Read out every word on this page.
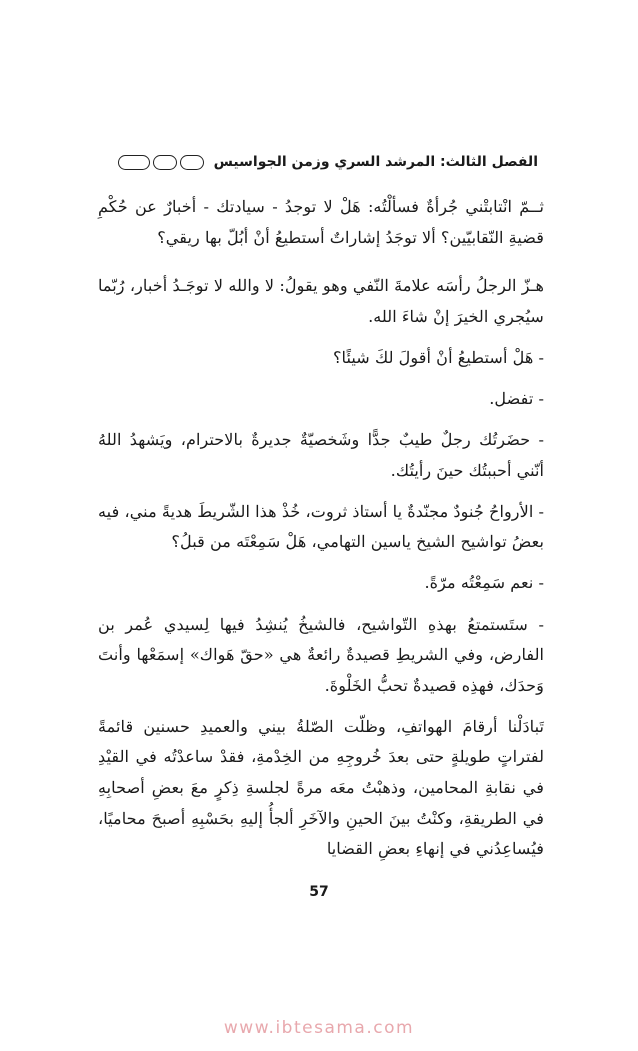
الفصل الثالث: المرشد السري وزمن الجواسيس

ثــمّ انْتابتْني جُرأةٌ فسألْتُه: هَلْ لا توجدُ - سيادتك - أخبارٌ عن حُكْمِ قضيةِ النّقابيّين؟ ألا توجَدُ إشاراتٌ أستطيعُ أنْ أبُلّ بها ريقي؟

هـزّ الرجلُ رأسَه علامةَ النّفي وهو يقولُ: لا والله لا توجَـدُ أخبار، رُبّما سيُجري الخيرَ إنْ شاءَ الله.

- هَلْ أستطيعُ أنْ أقولَ لكَ شيئًا؟

- تفضل.

- حضَرتُك رجلٌ طيبٌ جدًّا وشَخصيّةٌ جديرةٌ بالاحترام، ويَشهدُ اللهُ أنّني أحببتُك حينَ رأيتُك.

- الأرواحُ جُنودٌ مجنّدةٌ يا أستاذ ثروت، خُذْ هذا الشّريطَ هديةً مني، فيه بعضُ تواشيح الشيخ ياسين التهامي، هَلْ سَمِعْتَه من قبلُ؟

- نعم سَمِعْتُه مرّةً.

- ستَستمتعُ بهذهِ التّواشيح، فالشيخُ يُنشِدُ فيها لِسيدي عُمر بن الفارض، وفي الشريطِ قصيدةٌ رائعةٌ هي «حقّ هَواك» إسمَعْها وأنتَ وَحدَك، فهذِه قصيدةٌ تحبُّ الخَلْوةَ.

تَبادَلْنا أرقامَ الهواتفِ، وظلّت الصّلةُ بيني والعميدِ حسنين قائمةً لفتراتٍ طويلةٍ حتى بعدَ خُروجِهِ من الخِدْمةِ، فقدْ ساعدْتُه في القيْدِ في نقابةِ المحامين، وذهبْتُ معَه مرةً لجلسةِ ذِكرٍ معَ بعضِ أصحابِهِ في الطريقةِ، وكنْتُ بينَ الحينِ والآخَرِ ألجأُ إليهِ بحَسْبِهِ أصبحَ محاميًا، فيُساعِدُني في إنهاءِ بعضِ القضايا

57
www.ibtesama.com
